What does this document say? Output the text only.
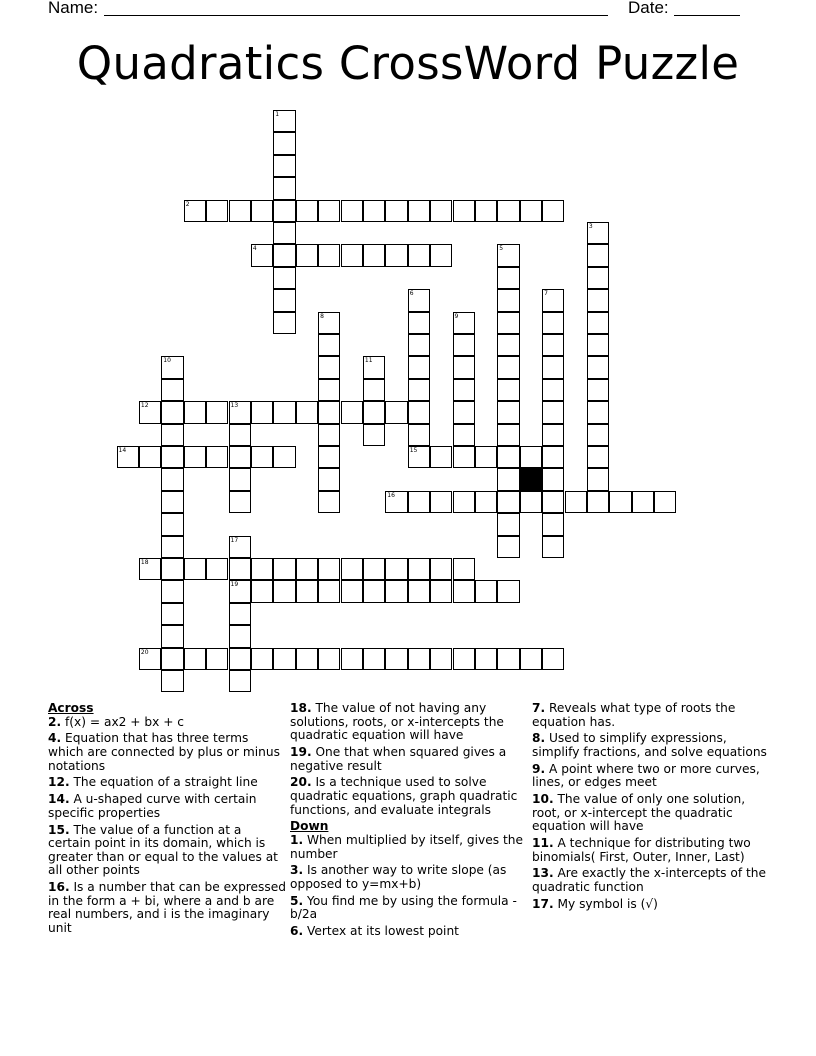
Name:	Date:
Quadratics CrossWord Puzzle
2
4
12	13
14	15
16
18
19
20
1
3
5
6	7
8	9
10	11
17

Across

2. f(x) = ax2 + bx + c

4. Equation that has three terms which are connected by plus or minus notations

12. The equation of a straight line

14. A u-shaped curve with certain specific properties

15. The value of a function at a certain point in its domain, which is greater than or equal to the values at all other points

16. Is a number that can be expressed in the form a + bi, where a and b are real numbers, and i is the imaginary unit

18. The value of not having any solutions, roots, or x-intercepts the quadratic equation will have

19. One that when squared gives a negative result

20. Is a technique used to solve quadratic equations, graph quadratic functions, and evaluate integrals

Down

1. When multiplied by itself, gives the number

3. Is another way to write slope (as opposed to y=mx+b)

5. You find me by using the formula -b/2a

6. Vertex at its lowest point

7. Reveals what type of roots the equation has.

8. Used to simplify expressions, simplify fractions, and solve equations

9. A point where two or more curves, lines, or edges meet

10. The value of only one solution, root, or x-intercept the quadratic equation will have

11. A technique for distributing two binomials( First, Outer, Inner, Last)

13. Are exactly the x-intercepts of the quadratic function

17. My symbol is (√)
